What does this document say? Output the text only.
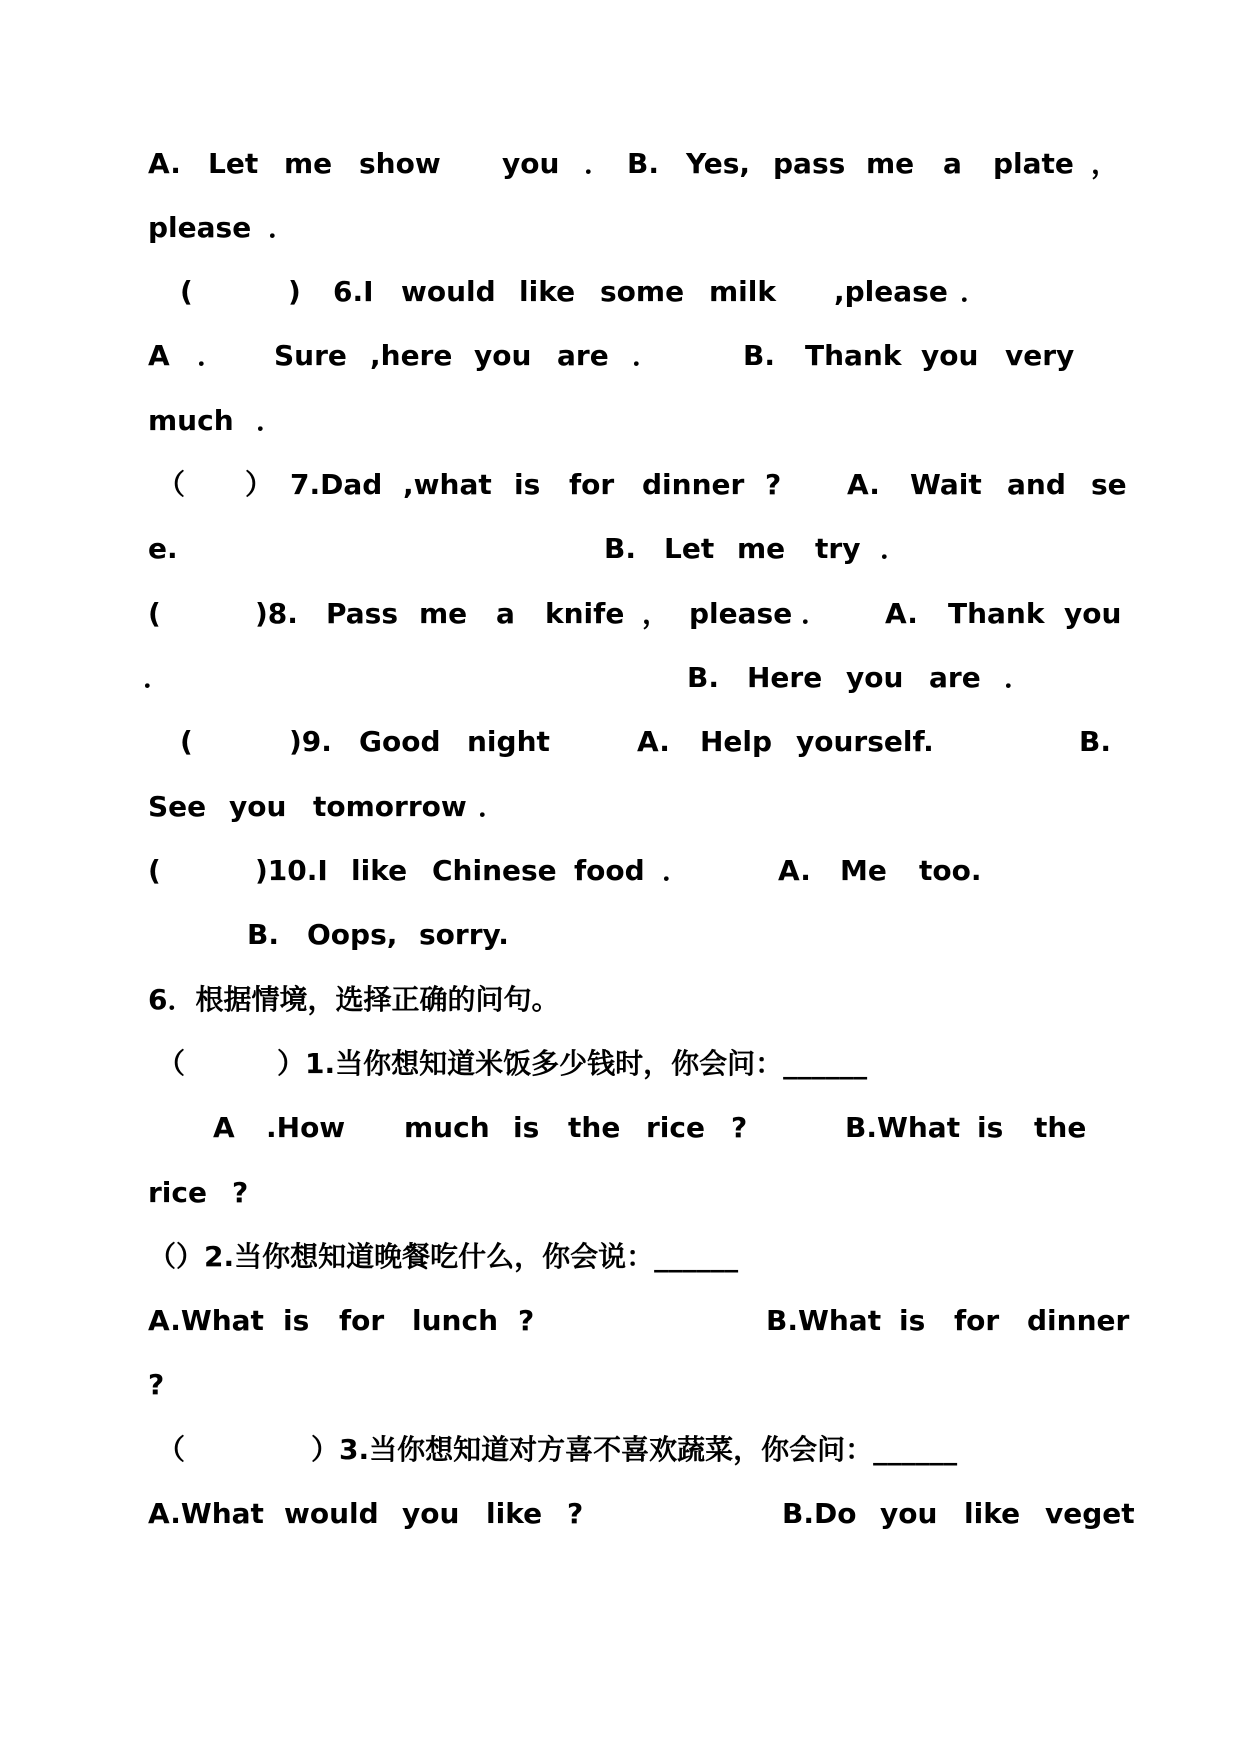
A. Let me show you ． B. Yes, pass me a plate ，
please ．
(	) 6.I would like some milk ,please ．
A ． Sure ,here you are ．	B. Thank you very
much ．
（ ） 7.Dad ,what is for dinner ? A. Wait and se
e.	B. Let me try ．
(	)8. Pass me a knife ， please ． A. Thank you
．	B. Here you are ．
(	)9. Good night	A. Help yourself.	B.
See you tomorrow ．
(	)10.I like Chinese food ．	A. Me too.
B. Oops, sorry.
6．根据情境，选择正确的问句。
（	）1.当你想知道米饭多少钱时，你会问：______
A .How much is the rice ?	B.What is the
rice ?
（）2.当你想知道晚餐吃什么，你会说：______
A.What is for lunch ?	B.What is for dinner
?
（	）3.当你想知道对方喜不喜欢蔬菜，你会问：______
A.What would you like ?	B.Do you like veget
